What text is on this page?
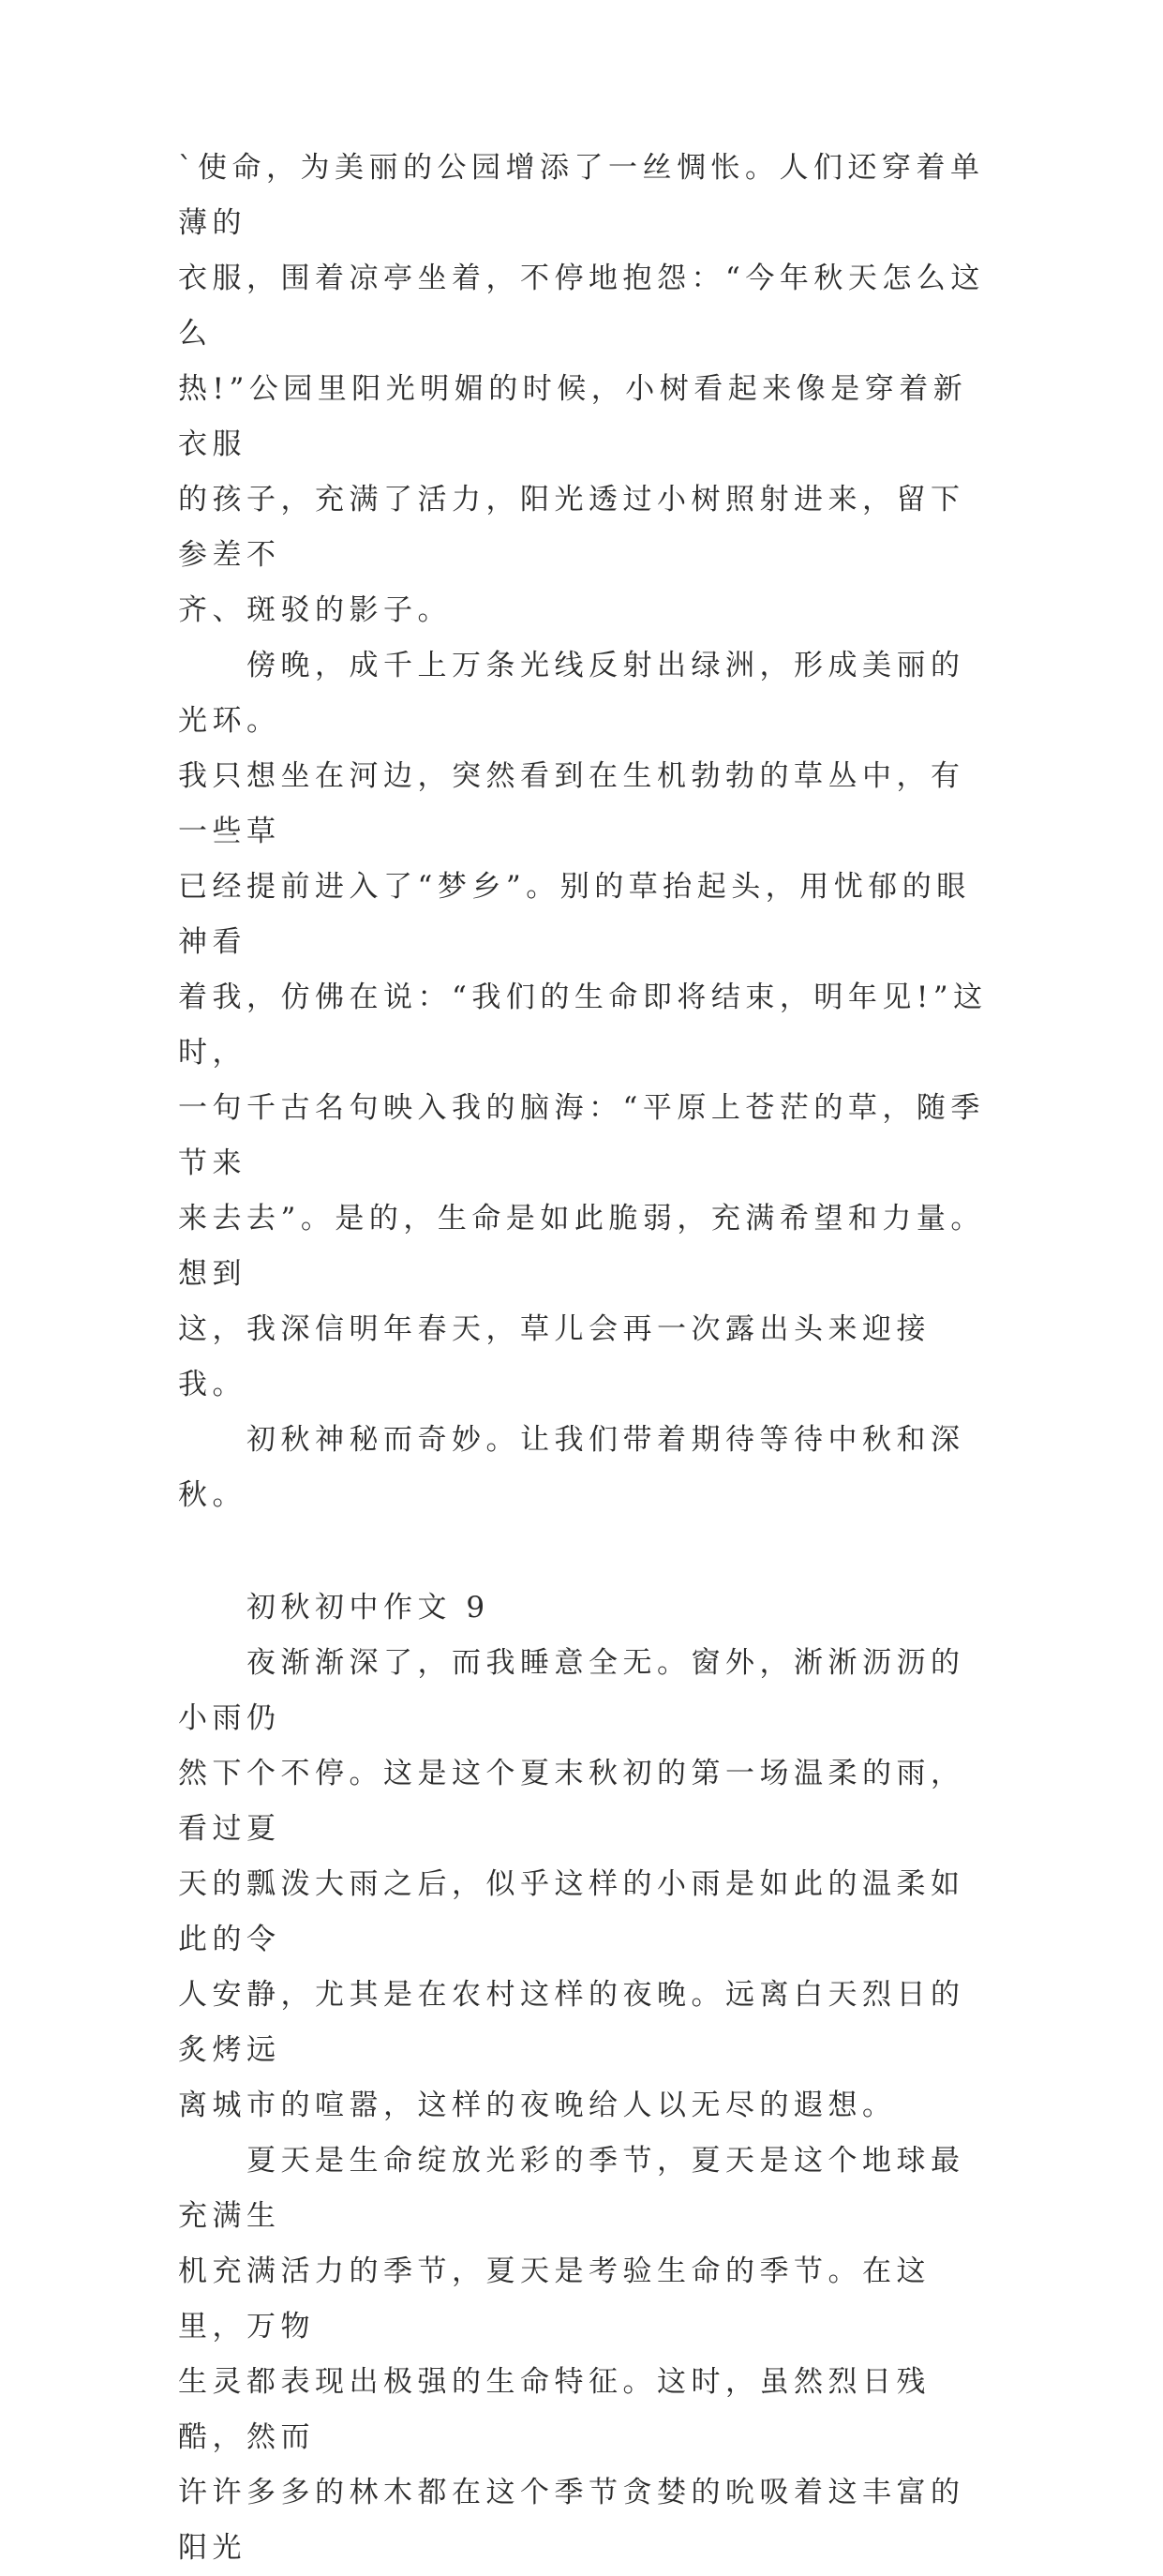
`使命，为美丽的公园增添了一丝惆怅。人们还穿着单薄的
衣服，围着凉亭坐着，不停地抱怨：“今年秋天怎么这么
热!”公园里阳光明媚的时候，小树看起来像是穿着新衣服
的孩子，充满了活力，阳光透过小树照射进来，留下参差不
齐、斑驳的影子。

　　傍晚，成千上万条光线反射出绿洲，形成美丽的光环。
我只想坐在河边，突然看到在生机勃勃的草丛中，有一些草
已经提前进入了“梦乡”。别的草抬起头，用忧郁的眼神看
着我，仿佛在说：“我们的生命即将结束，明年见!”这时，
一句千古名句映入我的脑海：“平原上苍茫的草，随季节来
来去去”。是的，生命是如此脆弱，充满希望和力量。想到
这，我深信明年春天，草儿会再一次露出头来迎接我。

　　初秋神秘而奇妙。让我们带着期待等待中秋和深秋。

　　初秋初中作文 9

　　夜渐渐深了，而我睡意全无。窗外，淅淅沥沥的小雨仍
然下个不停。这是这个夏末秋初的第一场温柔的雨，看过夏
天的瓢泼大雨之后，似乎这样的小雨是如此的温柔如此的令
人安静，尤其是在农村这样的夜晚。远离白天烈日的炙烤远
离城市的喧嚣，这样的夜晚给人以无尽的遐想。

　　夏天是生命绽放光彩的季节，夏天是这个地球最充满生
机充满活力的季节，夏天是考验生命的季节。在这里，万物
生灵都表现出极强的生命特征。这时，虽然烈日残酷，然而
许许多多的林木都在这个季节贪婪的吮吸着这丰富的阳光
